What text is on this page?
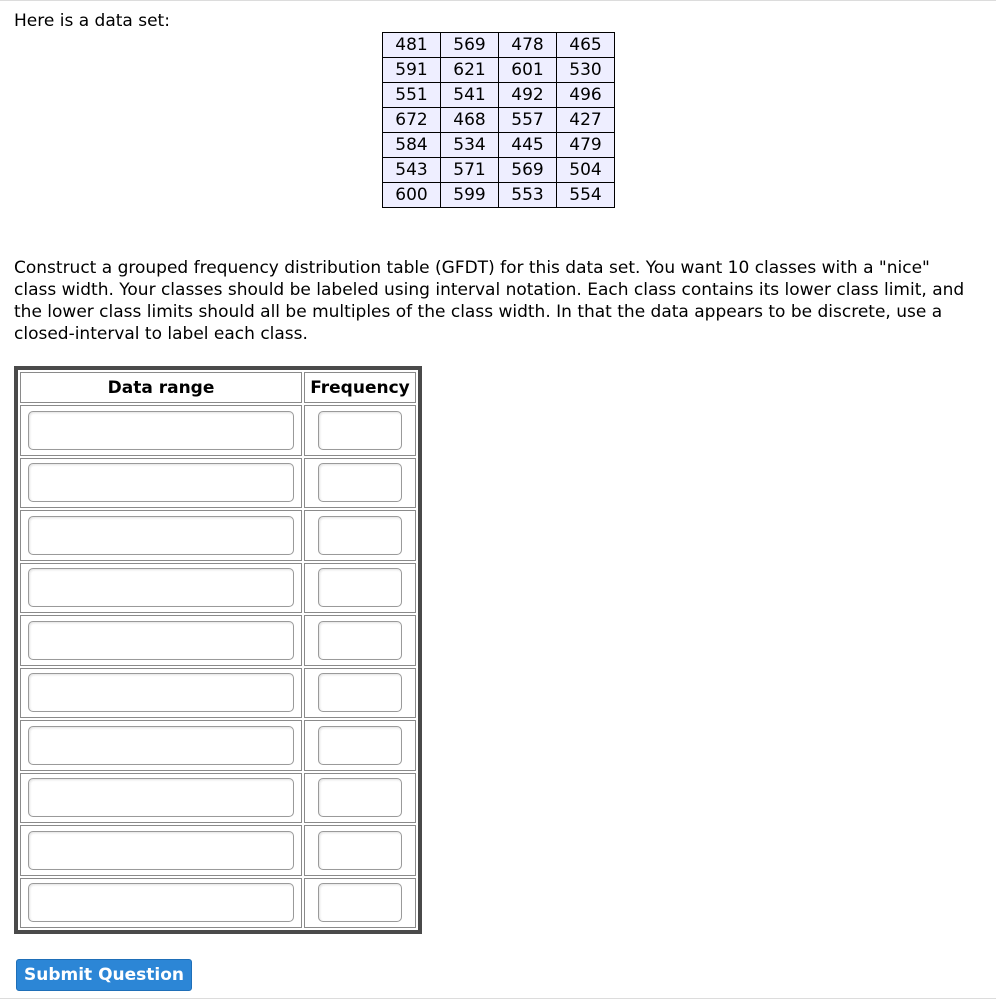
Here is a data set:
481	569	478	465
591	621	601	530
551	541	492	496
672	468	557	427
584	534	445	479
543	571	569	504
600	599	553	554
Construct a grouped frequency distribution table (GFDT) for this data set. You want 10 classes with a "nice" class width. Your classes should be labeled using interval notation. Each class contains its lower class limit, and the lower class limits should all be multiples of the class width. In that the data appears to be discrete, use a closed-interval to label each class.
Data range	Frequency

Submit Question
